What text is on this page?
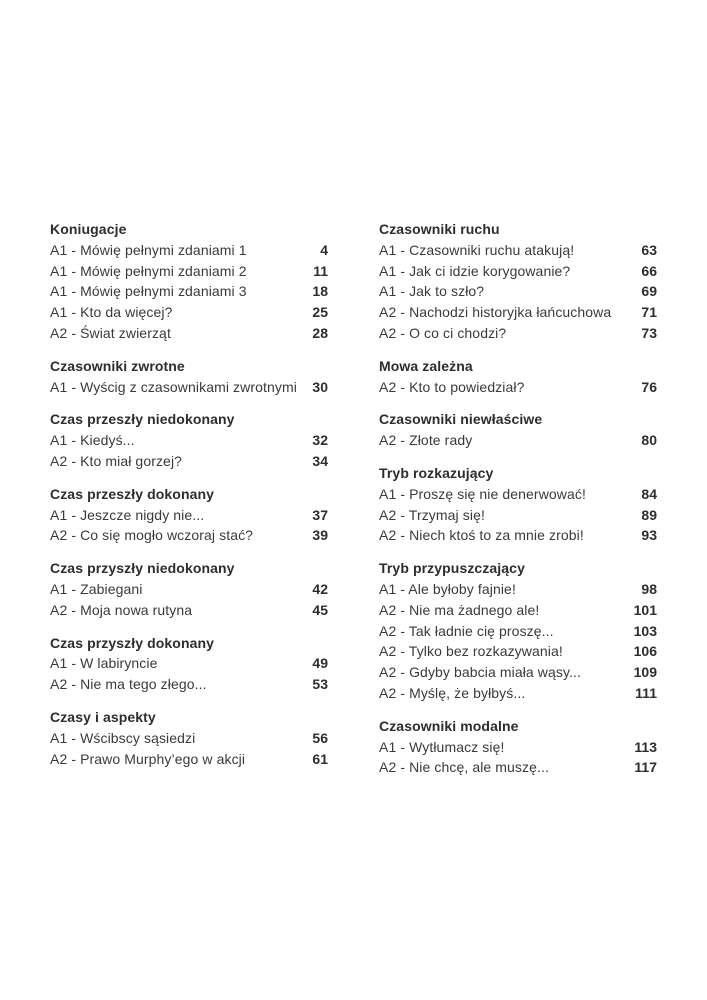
Koniugacje
A1 - Mówię pełnymi zdaniami 1	4
A1 - Mówię pełnymi zdaniami 2	11
A1 - Mówię pełnymi zdaniami 3	18
A1 - Kto da więcej?	25
A2 - Świat zwierząt	28
Czasowniki zwrotne
A1 - Wyścig z czasownikami zwrotnymi 30
Czas przeszły niedokonany
A1 - Kiedyś...	32
A2 - Kto miał gorzej?	34
Czas przeszły dokonany
A1 - Jeszcze nigdy nie...	37
A2 - Co się mogło wczoraj stać?	39
Czas przyszły niedokonany
A1 - Zabiegani	42
A2 - Moja nowa rutyna	45
Czas przyszły dokonany
A1 - W labiryncie	49
A2 - Nie ma tego złego...	53
Czasy i aspekty
A1 - Wścibscy sąsiedzi	56
A2 - Prawo Murphy’ego w akcji	61
Czasowniki ruchu
A1 - Czasowniki ruchu atakują!	63
A1 - Jak ci idzie korygowanie?	66
A1 - Jak to szło?	69
A2 - Nachodzi historyjka łańcuchowa 71
A2 - O co ci chodzi?	73
Mowa zależna
A2 - Kto to powiedział?	76
Czasowniki niewłaściwe
A2 - Złote rady	80
Tryb rozkazujący
A1 - Proszę się nie denerwować!	84
A2 - Trzymaj się!	89
A2 - Niech ktoś to za mnie zrobi!	93
Tryb przypuszczający
A1 - Ale byłoby fajnie!	98
A2 - Nie ma żadnego ale!	101
A2 - Tak ładnie cię proszę...	103
A2 - Tylko bez rozkazywania!	106
A2 - Gdyby babcia miała wąsy...	109
A2 - Myślę, że byłbyś...	111
Czasowniki modalne
A1 - Wytłumacz się!	113
A2 - Nie chcę, ale muszę...	117
